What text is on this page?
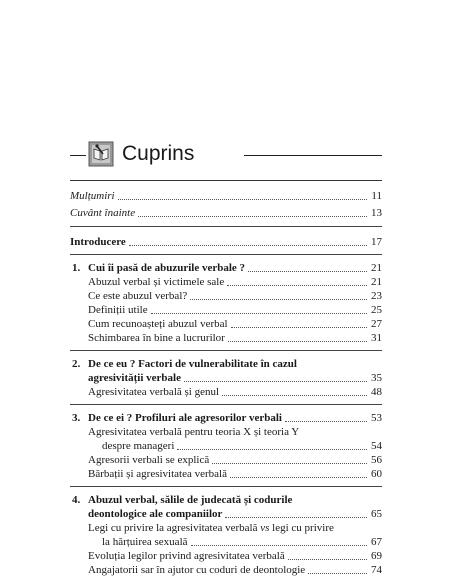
Cuprins
Mulțumiri	11
Cuvânt înainte	13
Introducere	17
1. Cui îi pasă de abuzurile verbale ?	21
Abuzul verbal și victimele sale	21
Ce este abuzul verbal?	23
Definiții utile	25
Cum recunoașteți abuzul verbal	27
Schimbarea în bine a lucrurilor	31
2. De ce eu ? Factori de vulnerabilitate în cazul
agresivității verbale	35
Agresivitatea verbală și genul	48
3. De ce ei ? Profiluri ale agresorilor verbali	53
Agresivitatea verbală pentru teoria X și teoria Y
despre manageri	54
Agresorii verbali se explică	56
Bărbații și agresivitatea verbală	60
4. Abuzul verbal, sălile de judecată și codurile
deontologice ale companiilor	65
Legi cu privire la agresivitatea verbală vs legi cu privire
la hărțuirea sexuală	67
Evoluția legilor privind agresivitatea verbală	69
Angajatorii sar în ajutor cu coduri de deontologie	74
